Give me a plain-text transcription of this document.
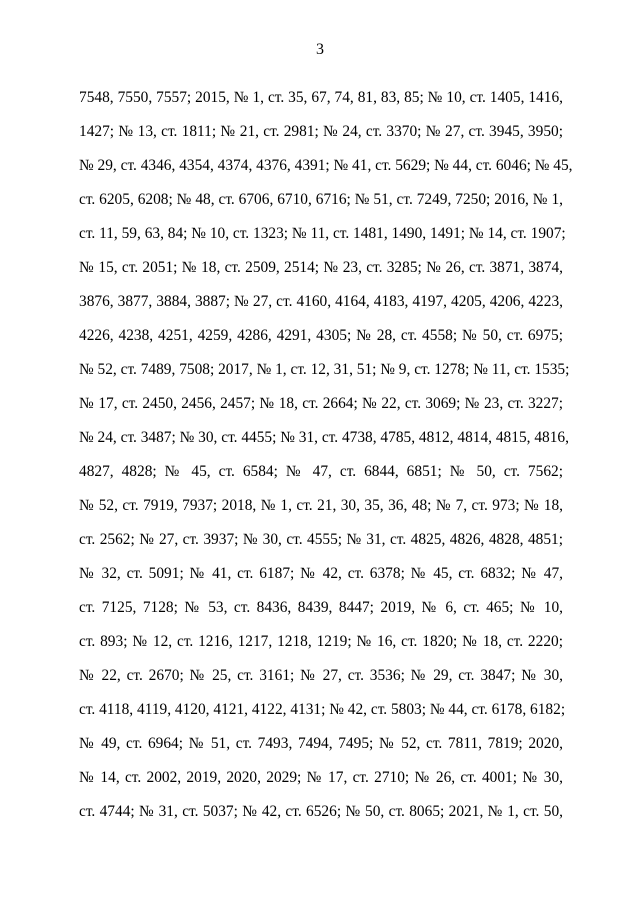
3
7548, 7550, 7557; 2015, № 1, ст. 35, 67, 74, 81, 83, 85; № 10, ст. 1405, 1416,
1427; № 13, ст. 1811; № 21, ст. 2981; № 24, ст. 3370; № 27, ст. 3945, 3950;
№ 29, ст. 4346, 4354, 4374, 4376, 4391; № 41, ст. 5629; № 44, ст. 6046; № 45,
ст. 6205, 6208; № 48, ст. 6706, 6710, 6716; № 51, ст. 7249, 7250; 2016, № 1,
ст. 11, 59, 63, 84; № 10, ст. 1323; № 11, ст. 1481, 1490, 1491; № 14, ст. 1907;
№ 15, ст. 2051; № 18, ст. 2509, 2514; № 23, ст. 3285; № 26, ст. 3871, 3874,
3876, 3877, 3884, 3887; № 27, ст. 4160, 4164, 4183, 4197, 4205, 4206, 4223,
4226, 4238, 4251, 4259, 4286, 4291, 4305; № 28, ст. 4558; № 50, ст. 6975;
№ 52, ст. 7489, 7508; 2017, № 1, ст. 12, 31, 51; № 9, ст. 1278; № 11, ст. 1535;
№ 17, ст. 2450, 2456, 2457; № 18, ст. 2664; № 22, ст. 3069; № 23, ст. 3227;
№ 24, ст. 3487; № 30, ст. 4455; № 31, ст. 4738, 4785, 4812, 4814, 4815, 4816,
4827, 4828; № 45, ст. 6584; № 47, ст. 6844, 6851; № 50, ст. 7562;
№ 52, ст. 7919, 7937; 2018, № 1, ст. 21, 30, 35, 36, 48; № 7, ст. 973; № 18,
ст. 2562; № 27, ст. 3937; № 30, ст. 4555; № 31, ст. 4825, 4826, 4828, 4851;
№ 32, ст. 5091; № 41, ст. 6187; № 42, ст. 6378; № 45, ст. 6832; № 47,
ст. 7125, 7128; № 53, ст. 8436, 8439, 8447; 2019, № 6, ст. 465; № 10,
ст. 893; № 12, ст. 1216, 1217, 1218, 1219; № 16, ст. 1820; № 18, ст. 2220;
№ 22, ст. 2670; № 25, ст. 3161; № 27, ст. 3536; № 29, ст. 3847; № 30,
ст. 4118, 4119, 4120, 4121, 4122, 4131; № 42, ст. 5803; № 44, ст. 6178, 6182;
№ 49, ст. 6964; № 51, ст. 7493, 7494, 7495; № 52, ст. 7811, 7819; 2020,
№ 14, ст. 2002, 2019, 2020, 2029; № 17, ст. 2710; № 26, ст. 4001; № 30,
ст. 4744; № 31, ст. 5037; № 42, ст. 6526; № 50, ст. 8065; 2021, № 1, ст. 50,
